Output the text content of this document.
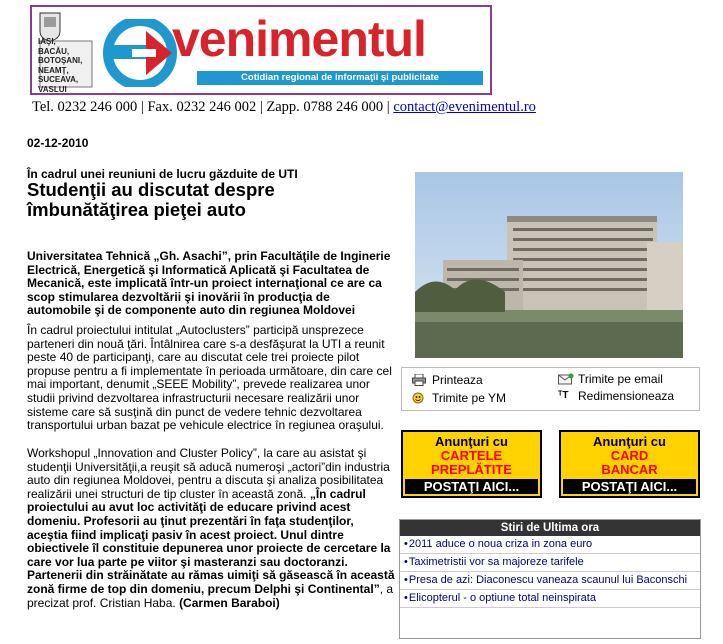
IAŞI,
BACĂU,
BOTOŞANI,
NEAMŢ,
SUCEAVA,
VASLUI
venimentul
Cotidian regional de informaţii şi publicitate
Tel. 0232 246 000 | Fax. 0232 246 002 | Zapp. 0788 246 000 | contact@evenimentul.ro
02-12-2010
În cadrul unei reuniuni de lucru găzduite de UTI
Studenţii au discutat despre îmbunătăţirea pieţei auto
Universitatea Tehnică „Gh. Asachi”, prin Facultăţile de Inginerie Electrică, Energetică şi Informatică Aplicată şi Facultatea de Mecanică, este implicată într-un proiect internaţional ce are ca scop stimularea dezvoltării şi inovării în producţia de automobile şi de componente auto din regiunea Moldovei
În cadrul proiectului intitulat „Autoclusters” participă unsprezece parteneri din nouă ţări. Întâlnirea care s-a desfăşurat la UTI a reunit peste 40 de participanţi, care au discutat cele trei proiecte pilot propuse pentru a fi implementate în perioada următoare, din care cel mai important, denumit „SEEE Mobility”, prevede realizarea unor studii privind dezvoltarea infrastructurii necesare realizării unor sisteme care să susţină din punct de vedere tehnic dezvoltarea transportului urban bazat pe vehicule electrice în regiunea oraşului.
Workshopul „Innovation and Cluster Policy”, la care au asistat şi studenţii Universităţii,a reuşit să aducă numeroşi „actori”din industria auto din regiunea Moldovei, pentru a discuta şi analiza posibilitatea realizării unei structuri de tip cluster în această zonă. „În cadrul proiectului au avut loc activităţi de educare privind acest domeniu. Profesorii au ţinut prezentări în faţa studenţilor, aceştia fiind implicaţi pasiv în acest proiect. Unul dintre obiectivele îl constituie depunerea unor proiecte de cercetare la care vor lua parte pe viitor şi masteranzi sau doctoranzi. Partenerii din străinătate au rămas uimiţi să găsească în această zonă firme de top din domeniu, precum Delphi şi Continental”, a precizat prof. Cristian Haba. (Carmen Baraboi)
Printeaza	Trimite pe email
Trimite pe YM	ᵀT Redimensioneaza
Anunţuri cu
CARTELE
PREPLĂTITE
POSTAŢI AICI...
Anunţuri cu
CARD
BANCAR
POSTAŢI AICI...
Stiri de Ultima ora
• 2011 aduce o noua criza in zona euro
• Taximetristii vor sa majoreze tarifele
• Presa de azi: Diaconescu vaneaza scaunul lui Baconschi
• Elicopterul - o optiune total neinspirata
